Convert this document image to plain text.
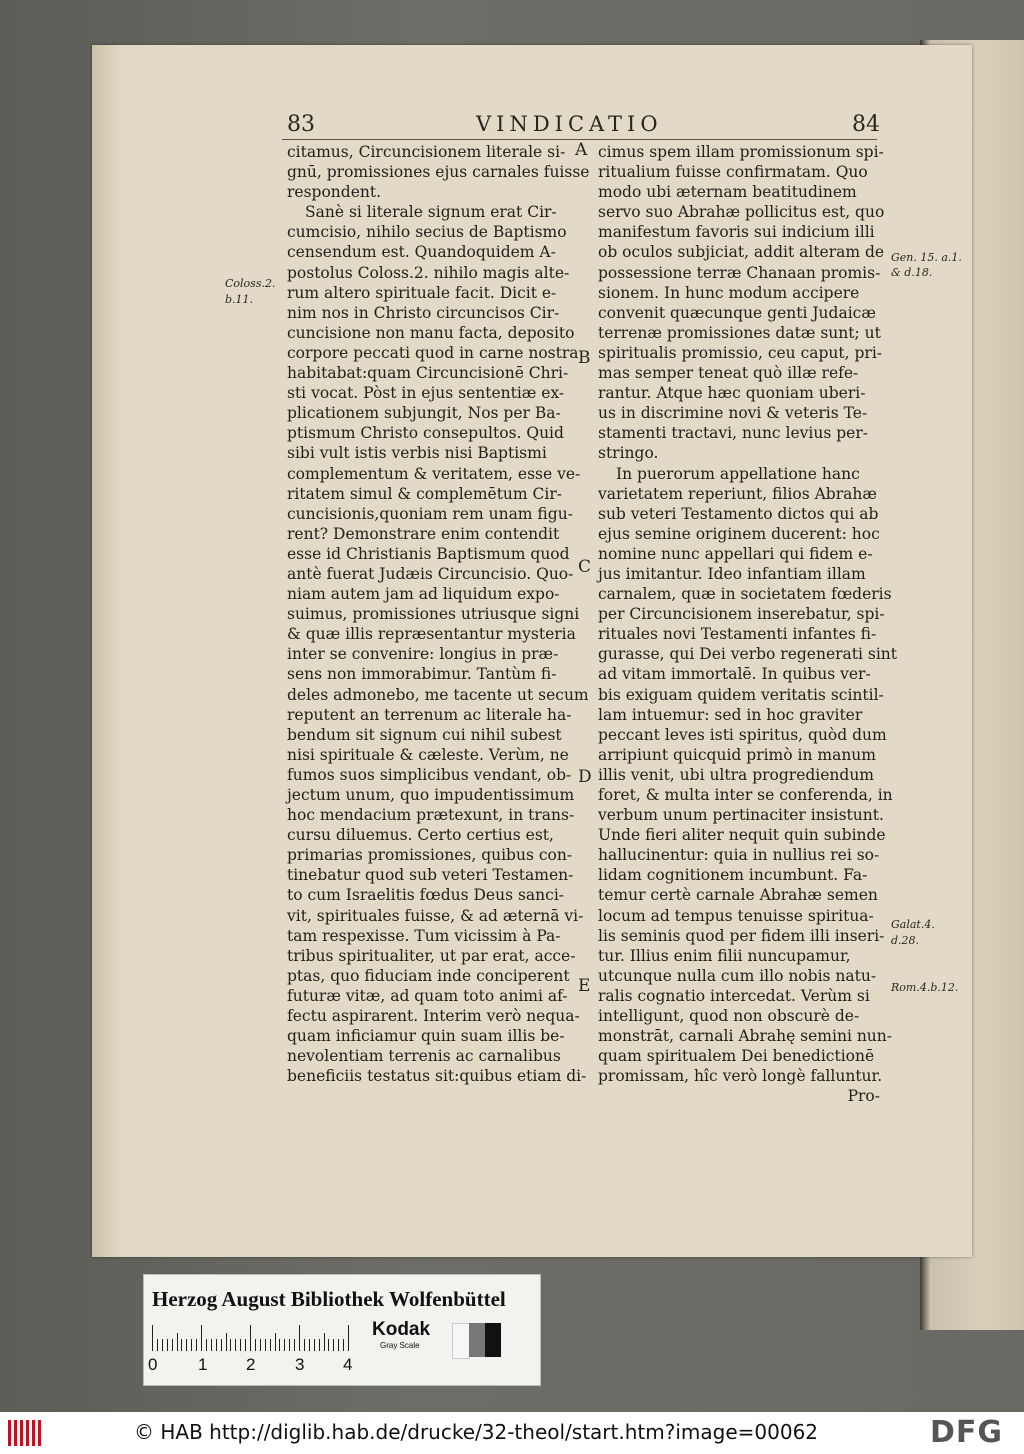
83	VINDICATIO	84
citamus, Circuncisionem literale si-
gnū, promissiones ejus carnales fuisse
respondent.
Sanè si literale signum erat Cir-
cumcisio, nihilo secius de Baptismo
censendum est. Quandoquidem A-
postolus Coloss.2. nihilo magis alte-
rum altero spirituale facit. Dicit e-
nim nos in Christo circuncisos Cir-
cuncisione non manu facta, deposito
corpore peccati quod in carne nostra
habitabat:quam Circuncisionē Chri-
sti vocat. Pòst in ejus sententiæ ex-
plicationem subjungit, Nos per Ba-
ptismum Christo consepultos. Quid
sibi vult istis verbis nisi Baptismi
complementum & veritatem, esse ve-
ritatem simul & complemētum Cir-
cuncisionis,quoniam rem unam figu-
rent? Demonstrare enim contendit
esse id Christianis Baptismum quod
antè fuerat Judæis Circuncisio. Quo-
niam autem jam ad liquidum expo-
suimus, promissiones utriusque signi
& quæ illis repræsentantur mysteria
inter se convenire: longius in præ-
sens non immorabimur. Tantùm fi-
deles admonebo, me tacente ut secum
reputent an terrenum ac literale ha-
bendum sit signum cui nihil subest
nisi spirituale & cæleste. Verùm, ne
fumos suos simplicibus vendant, ob-
jectum unum, quo impudentissimum
hoc mendacium prætexunt, in trans-
cursu diluemus. Certo certius est,
primarias promissiones, quibus con-
tinebatur quod sub veteri Testamen-
to cum Israelitis fœdus Deus sanci-
vit, spirituales fuisse, & ad æternā vi-
tam respexisse. Tum vicissim à Pa-
tribus spiritualiter, ut par erat, acce-
ptas, quo fiduciam inde conciperent
futuræ vitæ, ad quam toto animi af-
fectu aspirarent. Interim verò nequa-
quam inficiamur quin suam illis be-
nevolentiam terrenis ac carnalibus
beneficiis testatus sit:quibus etiam di-
cimus spem illam promissionum spi-
ritualium fuisse confirmatam. Quo
modo ubi æternam beatitudinem
servo suo Abrahæ pollicitus est, quo
manifestum favoris sui indicium illi
ob oculos subjiciat, addit alteram de
possessione terræ Chanaan promis-
sionem. In hunc modum accipere
convenit quæcunque genti Judaicæ
terrenæ promissiones datæ sunt; ut
spiritualis promissio, ceu caput, pri-
mas semper teneat quò illæ refe-
rantur. Atque hæc quoniam uberi-
us in discrimine novi & veteris Te-
stamenti tractavi, nunc levius per-
stringo.
In puerorum appellatione hanc
varietatem reperiunt, filios Abrahæ
sub veteri Testamento dictos qui ab
ejus semine originem ducerent: hoc
nomine nunc appellari qui fidem e-
jus imitantur. Ideo infantiam illam
carnalem, quæ in societatem fœderis
per Circuncisionem inserebatur, spi-
rituales novi Testamenti infantes fi-
gurasse, qui Dei verbo regenerati sint
ad vitam immortalē. In quibus ver-
bis exiguam quidem veritatis scintil-
lam intuemur: sed in hoc graviter
peccant leves isti spiritus, quòd dum
arripiunt quicquid primò in manum
illis venit, ubi ultra progrediendum
foret, & multa inter se conferenda, in
verbum unum pertinaciter insistunt.
Unde fieri aliter nequit quin subinde
hallucinentur: quia in nullius rei so-
lidam cognitionem incumbunt. Fa-
temur certè carnale Abrahæ semen
locum ad tempus tenuisse spiritua-
lis seminis quod per fidem illi inseri-
tur. Illius enim filii nuncupamur,
utcunque nulla cum illo nobis natu-
ralis cognatio intercedat. Verùm si
intelligunt, quod non obscurè de-
monstrāt, carnali Abrahę semini nun-
quam spiritualem Dei benedictionē
promissam, hîc verò longè falluntur.
Pro-
A
B
C
D
E
Coloss.2.
b.11.
Gen. 15. a.1.
& d.18.
Galat.4.
d.28.
Rom.4.b.12.
Herzog August Bibliothek Wolfenbüttel
0 1 2 3 4
Kodak
Gray Scale
© HAB http://diglib.hab.de/drucke/32-theol/start.htm?image=00062	DFG
